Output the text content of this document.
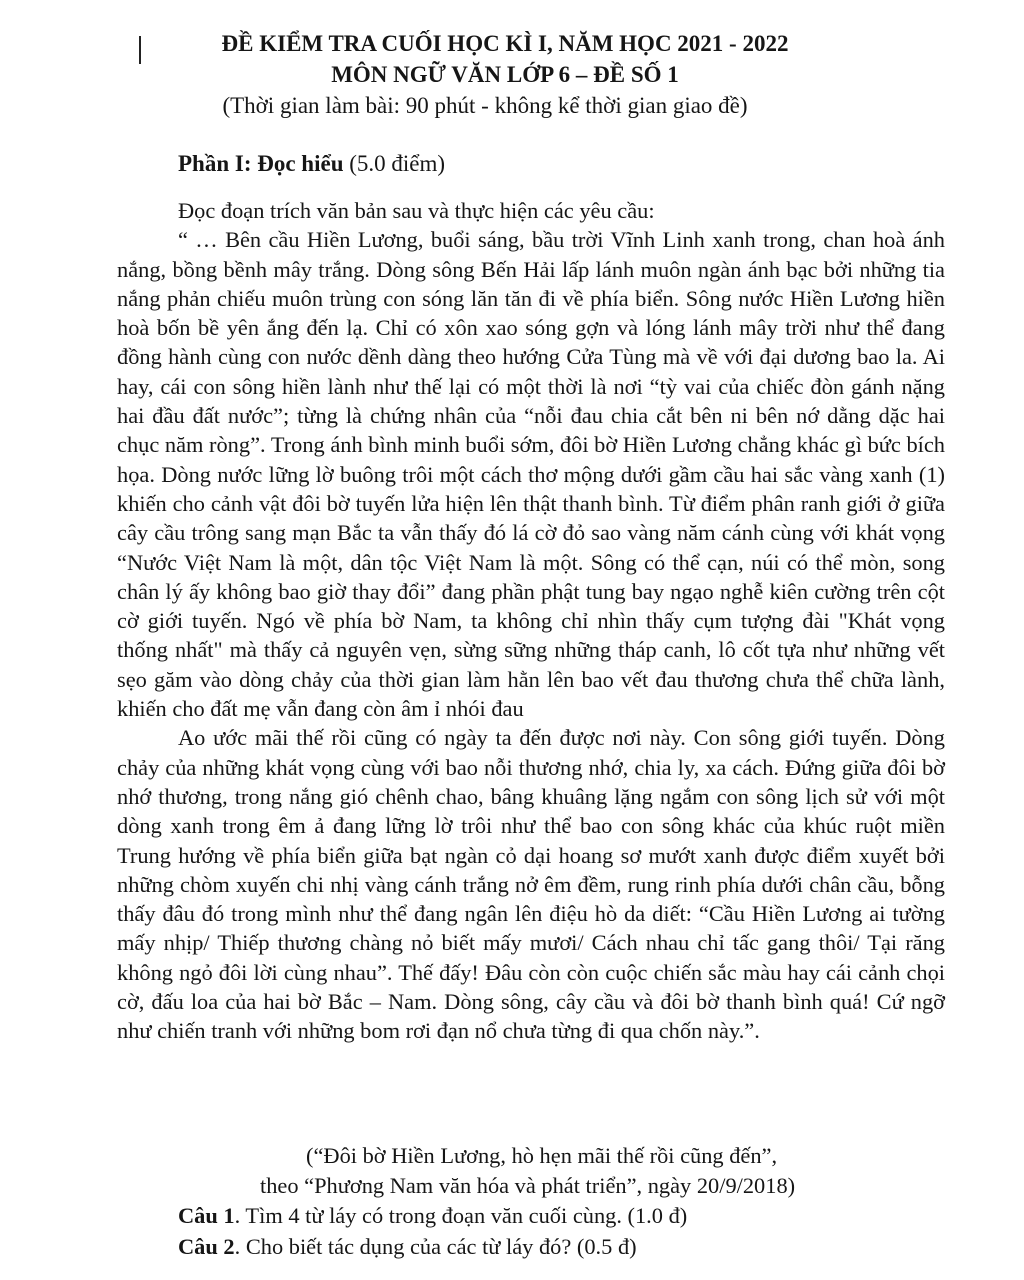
ĐỀ KIỂM TRA CUỐI HỌC KÌ I, NĂM HỌC 2021 - 2022
MÔN NGỮ VĂN LỚP 6 – ĐỀ SỐ 1
(Thời gian làm bài: 90 phút - không kể thời gian giao đề)
Phần I: Đọc hiểu (5.0 điểm)

Đọc đoạn trích văn bản sau và thực hiện các yêu cầu:

“ … Bên cầu Hiền Lương, buổi sáng, bầu trời Vĩnh Linh xanh trong, chan hoà ánh nắng, bồng bềnh mây trắng. Dòng sông Bến Hải lấp lánh muôn ngàn ánh bạc bởi những tia nắng phản chiếu muôn trùng con sóng lăn tăn đi về phía biển. Sông nước Hiền Lương hiền hoà bốn bề yên ắng đến lạ. Chỉ có xôn xao sóng gợn và lóng lánh mây trời như thể đang đồng hành cùng con nước dềnh dàng theo hướng Cửa Tùng mà về với đại dương bao la. Ai hay, cái con sông hiền lành như thế lại có một thời là nơi “tỳ vai của chiếc đòn gánh nặng hai đầu đất nước”; từng là chứng nhân của “nỗi đau chia cắt bên ni bên nớ dằng dặc hai chục năm ròng”. Trong ánh bình minh buổi sớm, đôi bờ Hiền Lương chẳng khác gì bức bích họa. Dòng nước lững lờ buông trôi một cách thơ mộng dưới gầm cầu hai sắc vàng xanh (1) khiến cho cảnh vật đôi bờ tuyến lửa hiện lên thật thanh bình. Từ điểm phân ranh giới ở giữa cây cầu trông sang mạn Bắc ta vẫn thấy đó lá cờ đỏ sao vàng năm cánh cùng với khát vọng “Nước Việt Nam là một, dân tộc Việt Nam là một. Sông có thể cạn, núi có thể mòn, song chân lý ấy không bao giờ thay đổi” đang phần phật tung bay ngạo nghễ kiên cường trên cột cờ giới tuyến. Ngó về phía bờ Nam, ta không chỉ nhìn thấy cụm tượng đài "Khát vọng thống nhất" mà thấy cả nguyên vẹn, sừng sững những tháp canh, lô cốt tựa như những vết sẹo găm vào dòng chảy của thời gian làm hằn lên bao vết đau thương chưa thể chữa lành, khiến cho đất mẹ vẫn đang còn âm ỉ nhói đau

Ao ước mãi thế rồi cũng có ngày ta đến được nơi này. Con sông giới tuyến. Dòng chảy của những khát vọng cùng với bao nỗi thương nhớ, chia ly, xa cách. Đứng giữa đôi bờ nhớ thương, trong nắng gió chênh chao, bâng khuâng lặng ngắm con sông lịch sử với một dòng xanh trong êm ả đang lững lờ trôi như thể bao con sông khác của khúc ruột miền Trung hướng về phía biển giữa bạt ngàn cỏ dại hoang sơ mướt xanh được điểm xuyết bởi những chòm xuyến chi nhị vàng cánh trắng nở êm đềm, rung rinh phía dưới chân cầu, bỗng thấy đâu đó trong mình như thể đang ngân lên điệu hò da diết: “Cầu Hiền Lương ai tường mấy nhịp/ Thiếp thương chàng nỏ biết mấy mươi/ Cách nhau chỉ tấc gang thôi/ Tại răng không ngỏ đôi lời cùng nhau”. Thế đấy! Đâu còn còn cuộc chiến sắc màu hay cái cảnh chọi cờ, đấu loa của hai bờ Bắc – Nam. Dòng sông, cây cầu và đôi bờ thanh bình quá! Cứ ngỡ như chiến tranh với những bom rơi đạn nổ chưa từng đi qua chốn này.”.

(“Đôi bờ Hiền Lương, hò hẹn mãi thế rồi cũng đến”,
theo “Phương Nam văn hóa và phát triển”, ngày 20/9/2018)
Câu 1. Tìm 4 từ láy có trong đoạn văn cuối cùng. (1.0 đ)
Câu 2. Cho biết tác dụng của các từ láy đó? (0.5 đ)
